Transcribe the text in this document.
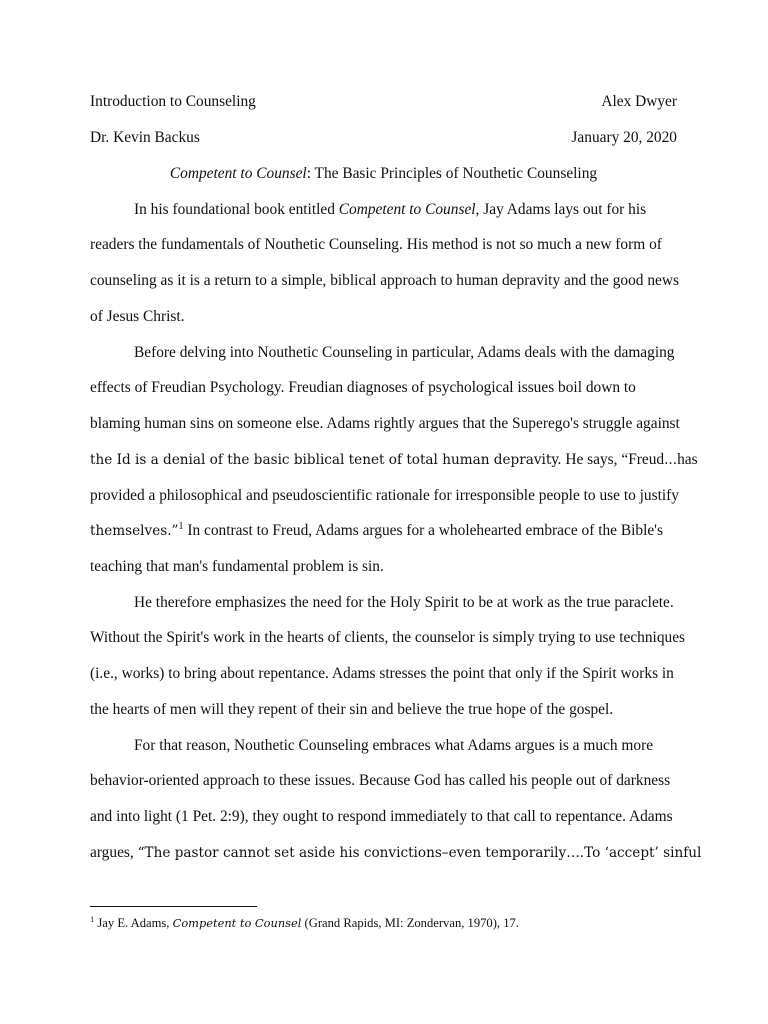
Introduction to Counseling	Alex Dwyer
Dr. Kevin Backus	January 20, 2020
Competent to Counsel: The Basic Principles of Nouthetic Counseling
In his foundational book entitled Competent to Counsel, Jay Adams lays out for his
readers the fundamentals of Nouthetic Counseling. His method is not so much a new form of
counseling as it is a return to a simple, biblical approach to human depravity and the good news
of Jesus Christ.
Before delving into Nouthetic Counseling in particular, Adams deals with the damaging
effects of Freudian Psychology. Freudian diagnoses of psychological issues boil down to
blaming human sins on someone else. Adams rightly argues that the Superego's struggle against
the Id is a denial of the basic biblical tenet of total human depravity. He says, “Freud...has
provided a philosophical and pseudoscientific rationale for irresponsible people to use to justify
themselves.”$^1$ In contrast to Freud, Adams argues for a wholehearted embrace of the Bible's
teaching that man's fundamental problem is sin.
He therefore emphasizes the need for the Holy Spirit to be at work as the true paraclete.
Without the Spirit's work in the hearts of clients, the counselor is simply trying to use techniques
(i.e., works) to bring about repentance. Adams stresses the point that only if the Spirit works in
the hearts of men will they repent of their sin and believe the true hope of the gospel.
For that reason, Nouthetic Counseling embraces what Adams argues is a much more
behavior-oriented approach to these issues. Because God has called his people out of darkness
and into light (1 Pet. 2:9), they ought to respond immediately to that call to repentance. Adams
argues, “The pastor cannot set aside his convictions–even temporarily….To ‘accept’ sinful
$^1$ Jay E. Adams, Competent to Counsel (Grand Rapids, MI: Zondervan, 1970), 17.
